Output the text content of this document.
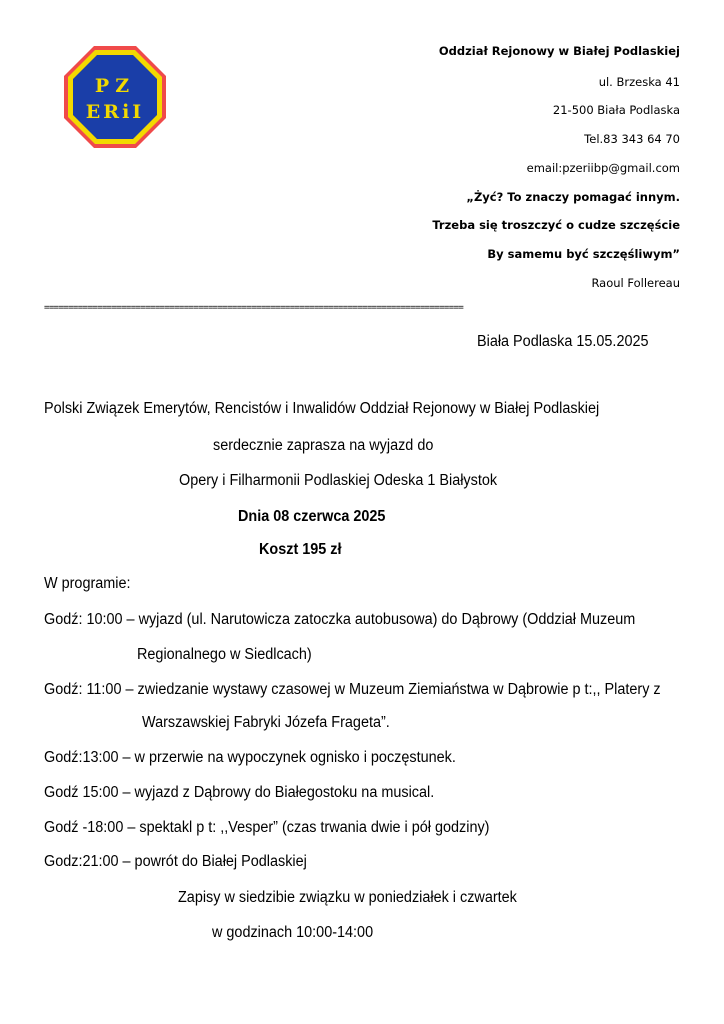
PZ
ERiI
Oddział Rejonowy w Białej Podlaskiej
ul. Brzeska 41
21-500 Biała Podlaska
Tel.83 343 64 70
email:pzeriibp@gmail.com
„Żyć? To znaczy pomagać innym.
Trzeba się troszczyć o cudze szczęście
By samemu być szczęśliwym”
Raoul Follereau
=======================================================================================
Biała Podlaska 15.05.2025
Polski Związek Emerytów, Rencistów i Inwalidów Oddział Rejonowy w Białej Podlaskiej
serdecznie zaprasza na wyjazd do
Opery i Filharmonii Podlaskiej Odeska 1 Białystok
Dnia 08 czerwca 2025
Koszt 195 zł
W programie:
Godź: 10:00 – wyjazd (ul. Narutowicza zatoczka autobusowa) do Dąbrowy (Oddział Muzeum
Regionalnego w Siedlcach)
Godź: 11:00 – zwiedzanie wystawy czasowej w Muzeum Ziemiaństwa w Dąbrowie p t:,, Platery z
Warszawskiej Fabryki Józefa Frageta”.
Godź:13:00 – w przerwie na wypoczynek ognisko i poczęstunek.
Godź 15:00 – wyjazd z Dąbrowy do Białegostoku na musical.
Godź -18:00 – spektakl p t: ,,Vesper” (czas trwania dwie i pół godziny)
Godz:21:00 – powrót do Białej Podlaskiej
Zapisy w siedzibie związku w poniedziałek i czwartek
w godzinach 10:00-14:00
